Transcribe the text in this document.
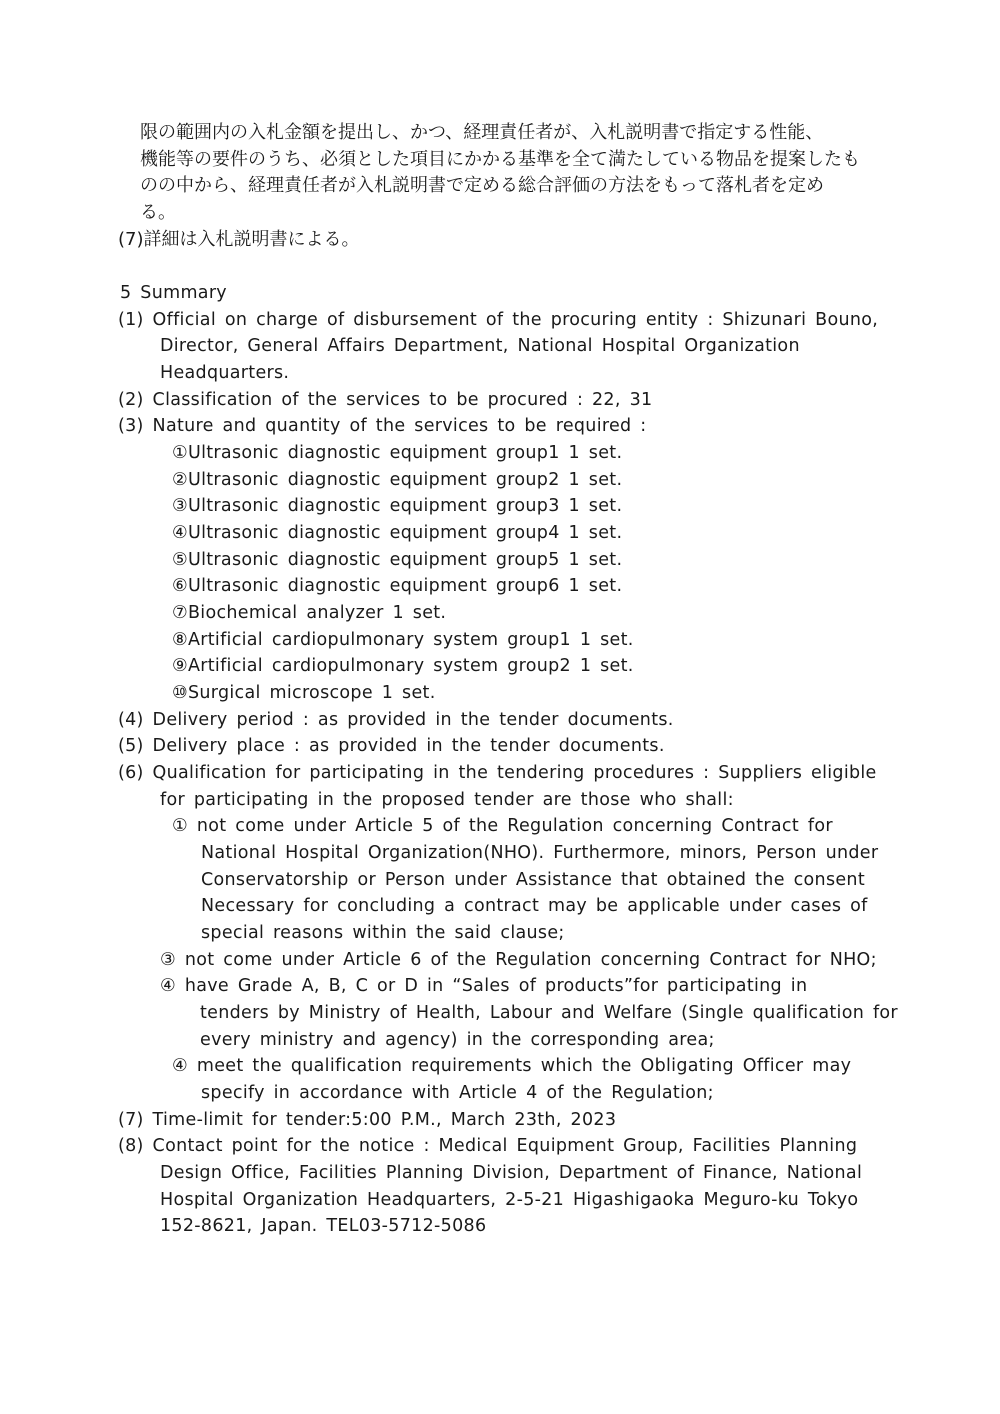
限の範囲内の入札金額を提出し、かつ、経理責任者が、入札説明書で指定する性能、
機能等の要件のうち、必須とした項目にかかる基準を全て満たしている物品を提案したも
のの中から、経理責任者が入札説明書で定める総合評価の方法をもって落札者を定め
る。
(7)詳細は入札説明書による。
5 Summary
(1) Official on charge of disbursement of the procuring entity : Shizunari Bouno,
Director, General Affairs Department, National Hospital Organization
Headquarters.
(2) Classification of the services to be procured : 22, 31
(3) Nature and quantity of the services to be required :
①Ultrasonic diagnostic equipment group1 1 set.
②Ultrasonic diagnostic equipment group2 1 set.
③Ultrasonic diagnostic equipment group3 1 set.
④Ultrasonic diagnostic equipment group4 1 set.
⑤Ultrasonic diagnostic equipment group5 1 set.
⑥Ultrasonic diagnostic equipment group6 1 set.
⑦Biochemical analyzer 1 set.
⑧Artificial cardiopulmonary system group1 1 set.
⑨Artificial cardiopulmonary system group2 1 set.
⑩Surgical microscope 1 set.
(4) Delivery period : as provided in the tender documents.
(5) Delivery place : as provided in the tender documents.
(6) Qualification for participating in the tendering procedures : Suppliers eligible
for participating in the proposed tender are those who shall:
① not come under Article 5 of the Regulation concerning Contract for
National Hospital Organization(NHO). Furthermore, minors, Person under
Conservatorship or Person under Assistance that obtained the consent
Necessary for concluding a contract may be applicable under cases of
special reasons within the said clause;
③ not come under Article 6 of the Regulation concerning Contract for NHO;
④ have Grade A, B, C or D in “Sales of products”for participating in
tenders by Ministry of Health, Labour and Welfare (Single qualification for
every ministry and agency) in the corresponding area;
④ meet the qualification requirements which the Obligating Officer may
specify in accordance with Article 4 of the Regulation;
(7) Time-limit for tender:5:00 P.M., March 23th, 2023
(8) Contact point for the notice : Medical Equipment Group, Facilities Planning
Design Office, Facilities Planning Division, Department of Finance, National
Hospital Organization Headquarters, 2-5-21 Higashigaoka Meguro-ku Tokyo
152-8621, Japan. TEL03-5712-5086
